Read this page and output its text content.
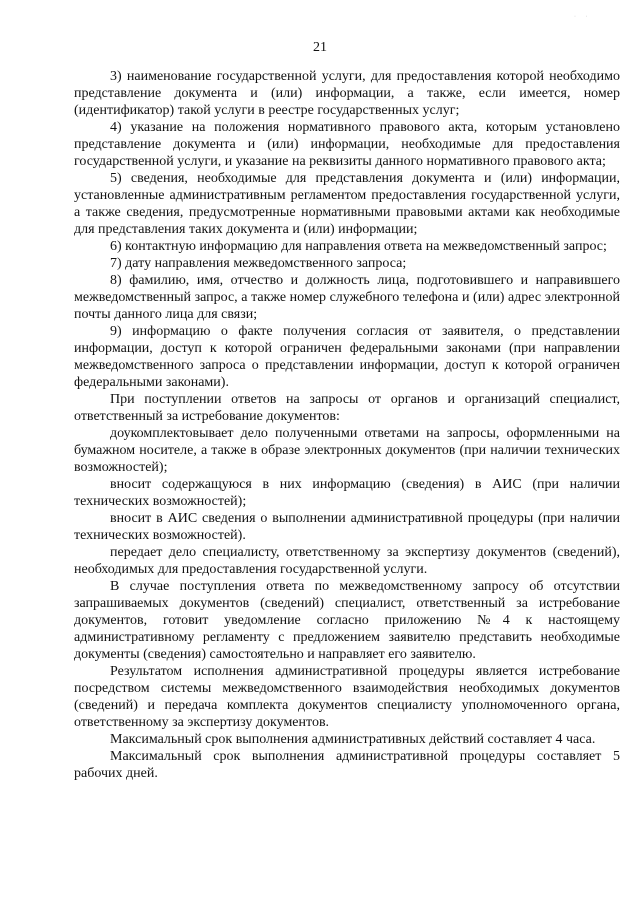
· ·
21

3) наименование государственной услуги, для предоставления которой необходимо представление документа и (или) информации, а также, если имеется, номер (идентификатор) такой услуги в реестре государственных услуг;

4) указание на положения нормативного правового акта, которым установлено представление документа и (или) информации, необходимые для предоставления государственной услуги, и указание на реквизиты данного нормативного правового акта;

5) сведения, необходимые для представления документа и (или) информации, установленные административным регламентом предоставления государственной услуги, а также сведения, предусмотренные нормативными правовыми актами как необходимые для представления таких документа и (или) информации;

6) контактную информацию для направления ответа на межведомственный запрос;

7) дату направления межведомственного запроса;

8) фамилию, имя, отчество и должность лица, подготовившего и направившего межведомственный запрос, а также номер служебного телефона и (или) адрес электронной почты данного лица для связи;

9) информацию о факте получения согласия от заявителя, о представлении информации, доступ к которой ограничен федеральными законами (при направлении межведомственного запроса о представлении информации, доступ к которой ограничен федеральными законами).

При поступлении ответов на запросы от органов и организаций специалист, ответственный за истребование документов:

доукомплектовывает дело полученными ответами на запросы, оформленными на бумажном носителе, а также в образе электронных документов (при наличии технических возможностей);

вносит содержащуюся в них информацию (сведения) в АИС (при наличии технических возможностей);

вносит в АИС сведения о выполнении административной процедуры (при наличии технических возможностей).

передает дело специалисту, ответственному за экспертизу документов (сведений), необходимых для предоставления государственной услуги.

В случае поступления ответа по межведомственному запросу об отсутствии запрашиваемых документов (сведений) специалист, ответственный за истребование документов, готовит уведомление согласно приложению №4 к настоящему административному регламенту с предложением заявителю представить необходимые документы (сведения) самостоятельно и направляет его заявителю.

Результатом исполнения административной процедуры является истребование посредством системы межведомственного взаимодействия необходимых документов (сведений) и передача комплекта документов специалисту уполномоченного органа, ответственному за экспертизу документов.

Максимальный срок выполнения административных действий составляет 4 часа.

Максимальный срок выполнения административной процедуры составляет 5 рабочих дней.
